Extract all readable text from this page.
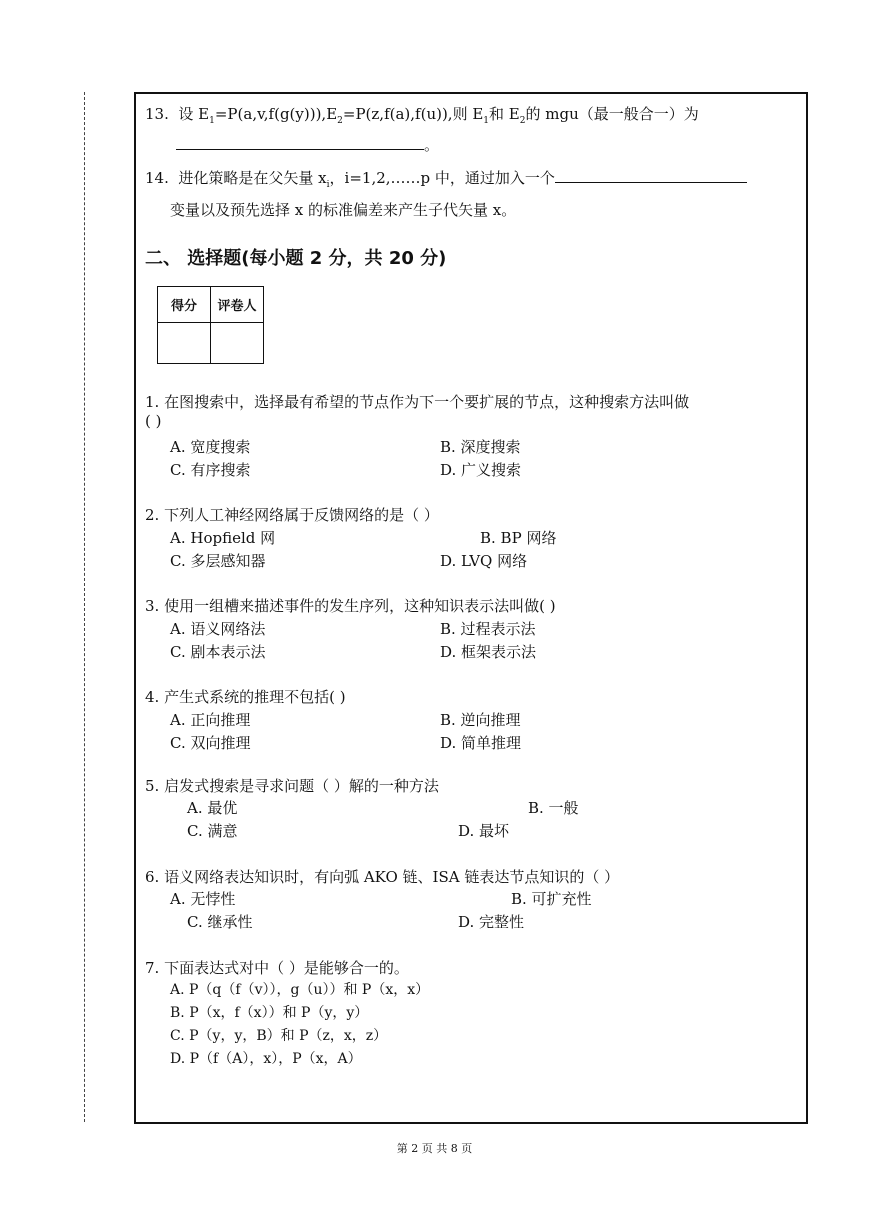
13. 设 $E_1=P(a,v,f(g(y))),E_2=P(z,f(a),f(u))$,则 $E_1$和 $E_2$的 mgu（最一般合一）为
。
14. 进化策略是在父矢量 $x_i$，i=1,2,……p 中，通过加入一个
变量以及预先选择 x 的标准偏差来产生子代矢量 x。
二、 选择题(每小题 2 分，共 20 分)
得分	评卷人

1. 在图搜索中，选择最有希望的节点作为下一个要扩展的节点，这种搜索方法叫做
( )
A. 宽度搜索	B. 深度搜索
C. 有序搜索	D. 广义搜索
2. 下列人工神经网络属于反馈网络的是（ ）
A. Hopfield 网	B. BP 网络
C. 多层感知器	D. LVQ 网络
3. 使用一组槽来描述事件的发生序列，这种知识表示法叫做( )
A. 语义网络法	B. 过程表示法
C. 剧本表示法	D. 框架表示法
4. 产生式系统的推理不包括( )
A. 正向推理	B. 逆向推理
C. 双向推理	D. 简单推理
5. 启发式搜索是寻求问题（ ）解的一种方法
A. 最优	B. 一般
C. 满意	D. 最坏
6. 语义网络表达知识时，有向弧 AKO 链、ISA 链表达节点知识的（ ）
A. 无悖性	B. 可扩充性
C. 继承性	D. 完整性
7. 下面表达式对中（ ）是能够合一的。
A. P（q（f（v）），g（u））和 P（x，x）
B. P（x，f（x））和 P（y，y）
C. P（y，y，B）和 P（z，x，z）
D. P（f（A），x），P（x，A）
第 2 页 共 8 页
